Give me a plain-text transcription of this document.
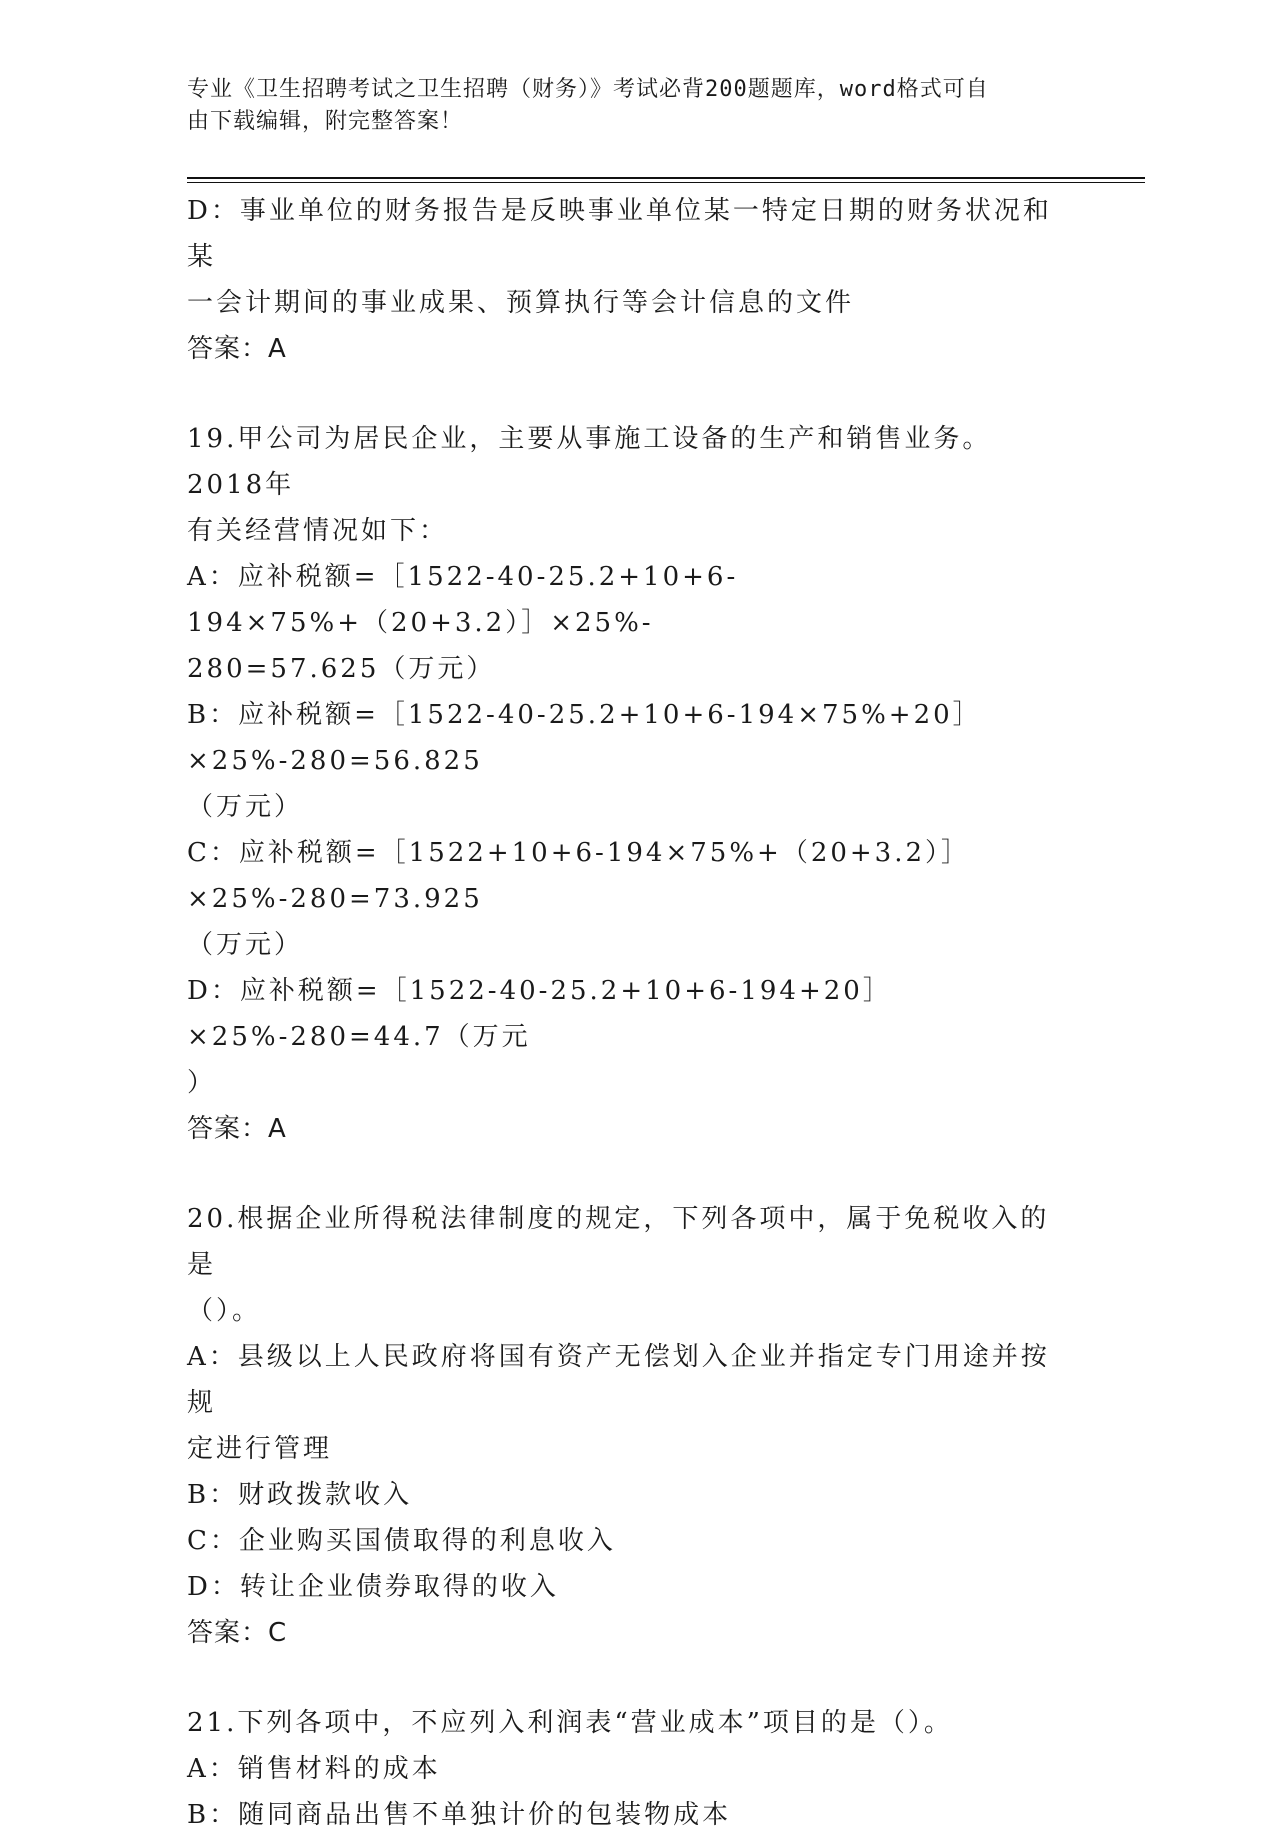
专业《卫生招聘考试之卫生招聘（财务）》考试必背200题题库，word格式可自
由下载编辑，附完整答案！
D：事业单位的财务报告是反映事业单位某一特定日期的财务状况和某
一会计期间的事业成果、预算执行等会计信息的文件
答案：A
19.甲公司为居民企业，主要从事施工设备的生产和销售业务。2018年
有关经营情况如下：
A：应补税额=［1522-40-25.2+10+6-194×75%+（20+3.2）］×25%-
280=57.625（万元）
B：应补税额=［1522-40-25.2+10+6-194×75%+20］×25%-280=56.825
（万元）
C：应补税额=［1522+10+6-194×75%+（20+3.2）］×25%-280=73.925
（万元）
D：应补税额=［1522-40-25.2+10+6-194+20］×25%-280=44.7（万元
）
答案：A
20.根据企业所得税法律制度的规定，下列各项中，属于免税收入的是
（）。
A：县级以上人民政府将国有资产无偿划入企业并指定专门用途并按规
定进行管理
B：财政拨款收入
C：企业购买国债取得的利息收入
D：转让企业债券取得的收入
答案：C
21.下列各项中，不应列入利润表“营业成本”项目的是（）。
A：销售材料的成本
B：随同商品出售不单独计价的包装物成本
